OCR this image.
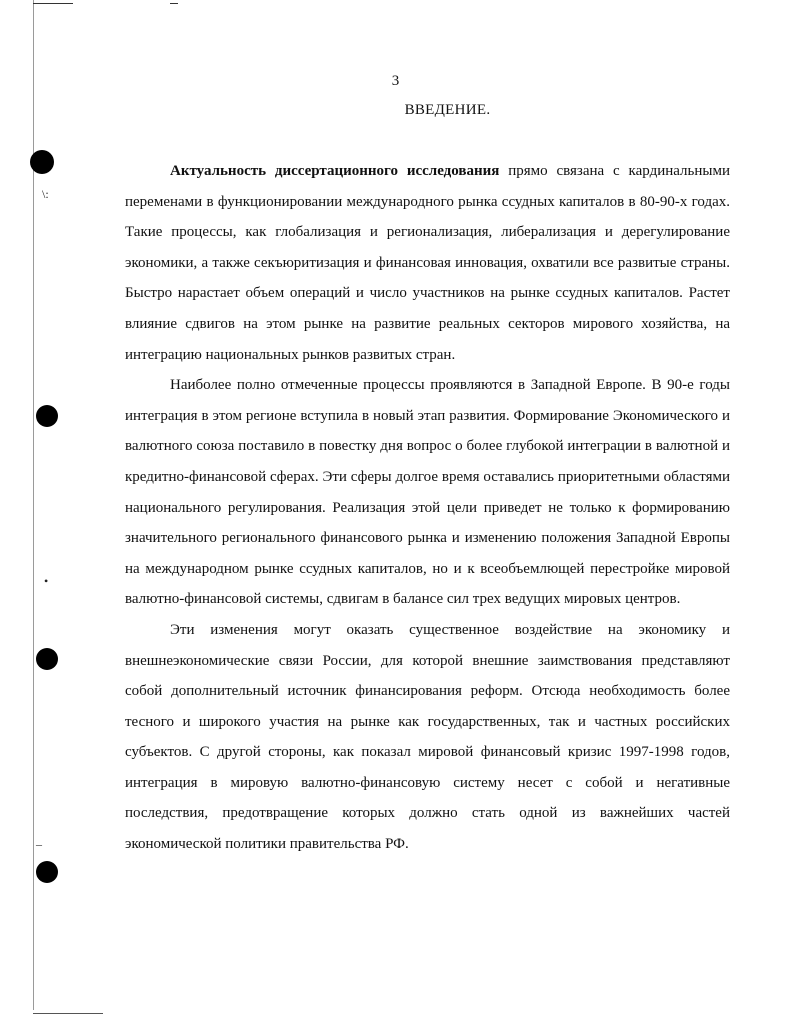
\:
•
–
3
ВВЕДЕНИЕ.

Актуальность диссертационного исследования прямо связана с кардинальными переменами в функционировании международного рынка ссудных капиталов в 80-90-х годах. Такие процессы, как глобализация и регионализация, либерализация и дерегулирование экономики, а также секъюритизация и финансовая инновация, охватили все развитые страны. Быстро нарастает объем операций и число участников на рынке ссудных капиталов. Растет влияние сдвигов на этом рынке на развитие реальных секторов мирового хозяйства, на интеграцию национальных рынков развитых стран.

Наиболее полно отмеченные процессы проявляются в Западной Европе. В 90-е годы интеграция в этом регионе вступила в новый этап развития. Формирование Экономического и валютного союза поставило в повестку дня вопрос о более глубокой интеграции в валютной и кредитно-финансовой сферах. Эти сферы долгое время оставались приоритетными областями национального регулирования. Реализация этой цели приведет не только к формированию значительного регионального финансового рынка и изменению положения Западной Европы на международном рынке ссудных капиталов, но и к всеобъемлющей перестройке мировой валютно-финансовой системы, сдвигам в балансе сил трех ведущих мировых центров.

Эти изменения могут оказать существенное воздействие на экономику и внешнеэкономические связи России, для которой внешние заимствования представляют собой дополнительный источник финансирования реформ. Отсюда необходимость более тесного и широкого участия на рынке как государственных, так и частных российских субъектов. С другой стороны, как показал мировой финансовый кризис 1997-1998 годов, интеграция в мировую валютно-финансовую систему несет с собой и негативные последствия, предотвращение которых должно стать одной из важнейших частей экономической политики правительства РФ.
